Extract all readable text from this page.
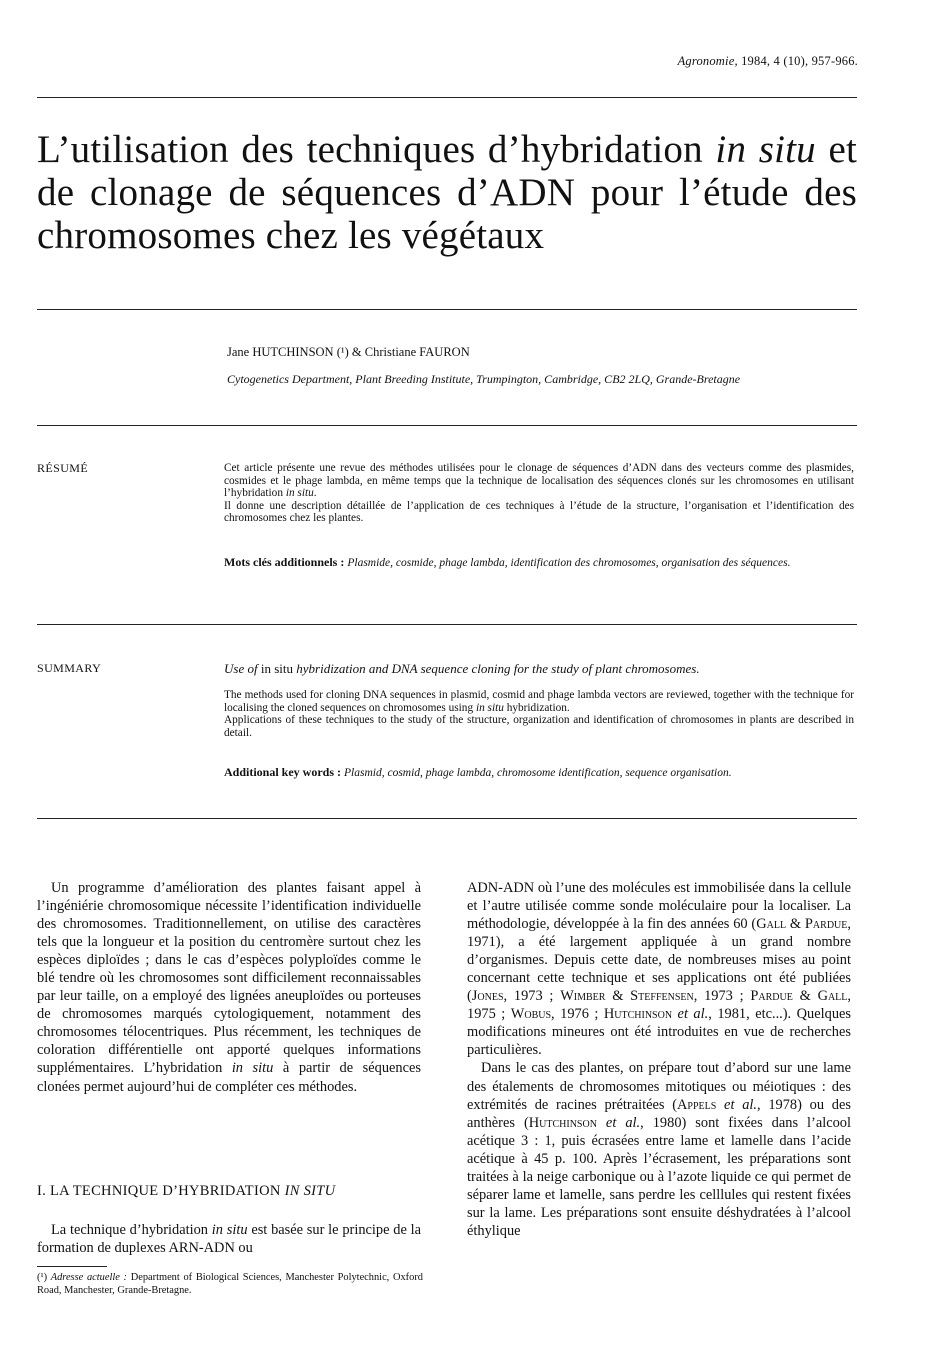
Agronomie, 1984, 4 (10), 957-966.
L’utilisation des techniques d’hybridation in situ et de clonage de séquences d’ADN pour l’étude des chromosomes chez les végétaux
Jane HUTCHINSON (¹) & Christiane FAURON
Cytogenetics Department, Plant Breeding Institute, Trumpington, Cambridge, CB2 2LQ, Grande-Bretagne
RÉSUMÉ	Cet article présente une revue des méthodes utilisées pour le clonage de séquences d’ADN dans des vecteurs comme des plasmides, cosmides et le phage lambda, en même temps que la technique de localisation des séquences clonés sur les chromosomes en utilisant l’hybridation in situ.

Il donne une description détaillée de l’application de ces techniques à l’étude de la structure, l’organisation et l’identification des chromosomes chez les plantes.

Mots clés additionnels : Plasmide, cosmide, phage lambda, identification des chromosomes, organisation des séquences.
SUMMARY	Use of in situ hybridization and DNA sequence cloning for the study of plant chromosomes.

The methods used for cloning DNA sequences in plasmid, cosmid and phage lambda vectors are reviewed, together with the technique for localising the cloned sequences on chromosomes using in situ hybridization.

Applications of these techniques to the study of the structure, organization and identification of chromosomes in plants are described in detail.

Additional key words : Plasmid, cosmid, phage lambda, chromosome identification, sequence organisation.

Un programme d’amélioration des plantes faisant appel à l’ingéniérie chromosomique nécessite l’identification individuelle des chromosomes. Traditionnellement, on utilise des caractères tels que la longueur et la position du centromère surtout chez les espèces diploïdes ; dans le cas d’espèces polyploïdes comme le blé tendre où les chromosomes sont difficilement reconnaissables par leur taille, on a employé des lignées aneuploïdes ou porteuses de chromosomes marqués cytologiquement, notamment des chromosomes télocentriques. Plus récemment, les techniques de coloration différentielle ont apporté quelques informations supplémentaires. L’hybridation in situ à partir de séquences clonées permet aujourd’hui de compléter ces méthodes.

I. LA TECHNIQUE D’HYBRIDATION IN SITU

La technique d’hybridation in situ est basée sur le principe de la formation de duplexes ARN-ADN ou

(¹) Adresse actuelle : Department of Biological Sciences, Manchester Polytechnic, Oxford Road, Manchester, Grande-Bretagne.

ADN-ADN où l’une des molécules est immobilisée dans la cellule et l’autre utilisée comme sonde moléculaire pour la localiser. La méthodologie, développée à la fin des années 60 (Gall & Pardue, 1971), a été largement appliquée à un grand nombre d’organismes. Depuis cette date, de nombreuses mises au point concernant cette technique et ses applications ont été publiées (Jones, 1973 ; Wimber & Steffensen, 1973 ; Pardue & Gall, 1975 ; Wobus, 1976 ; Hutchinson et al., 1981, etc...). Quelques modifications mineures ont été introduites en vue de recherches particulières.

Dans le cas des plantes, on prépare tout d’abord sur une lame des étalements de chromosomes mitotiques ou méiotiques : des extrémités de racines prétraitées (Appels et al., 1978) ou des anthères (Hutchinson et al., 1980) sont fixées dans l’alcool acétique 3 : 1, puis écrasées entre lame et lamelle dans l’acide acétique à 45 p. 100. Après l’écrasement, les préparations sont traitées à la neige carbonique ou à l’azote liquide ce qui permet de séparer lame et lamelle, sans perdre les celllules qui restent fixées sur la lame. Les préparations sont ensuite déshydratées à l’alcool éthylique
